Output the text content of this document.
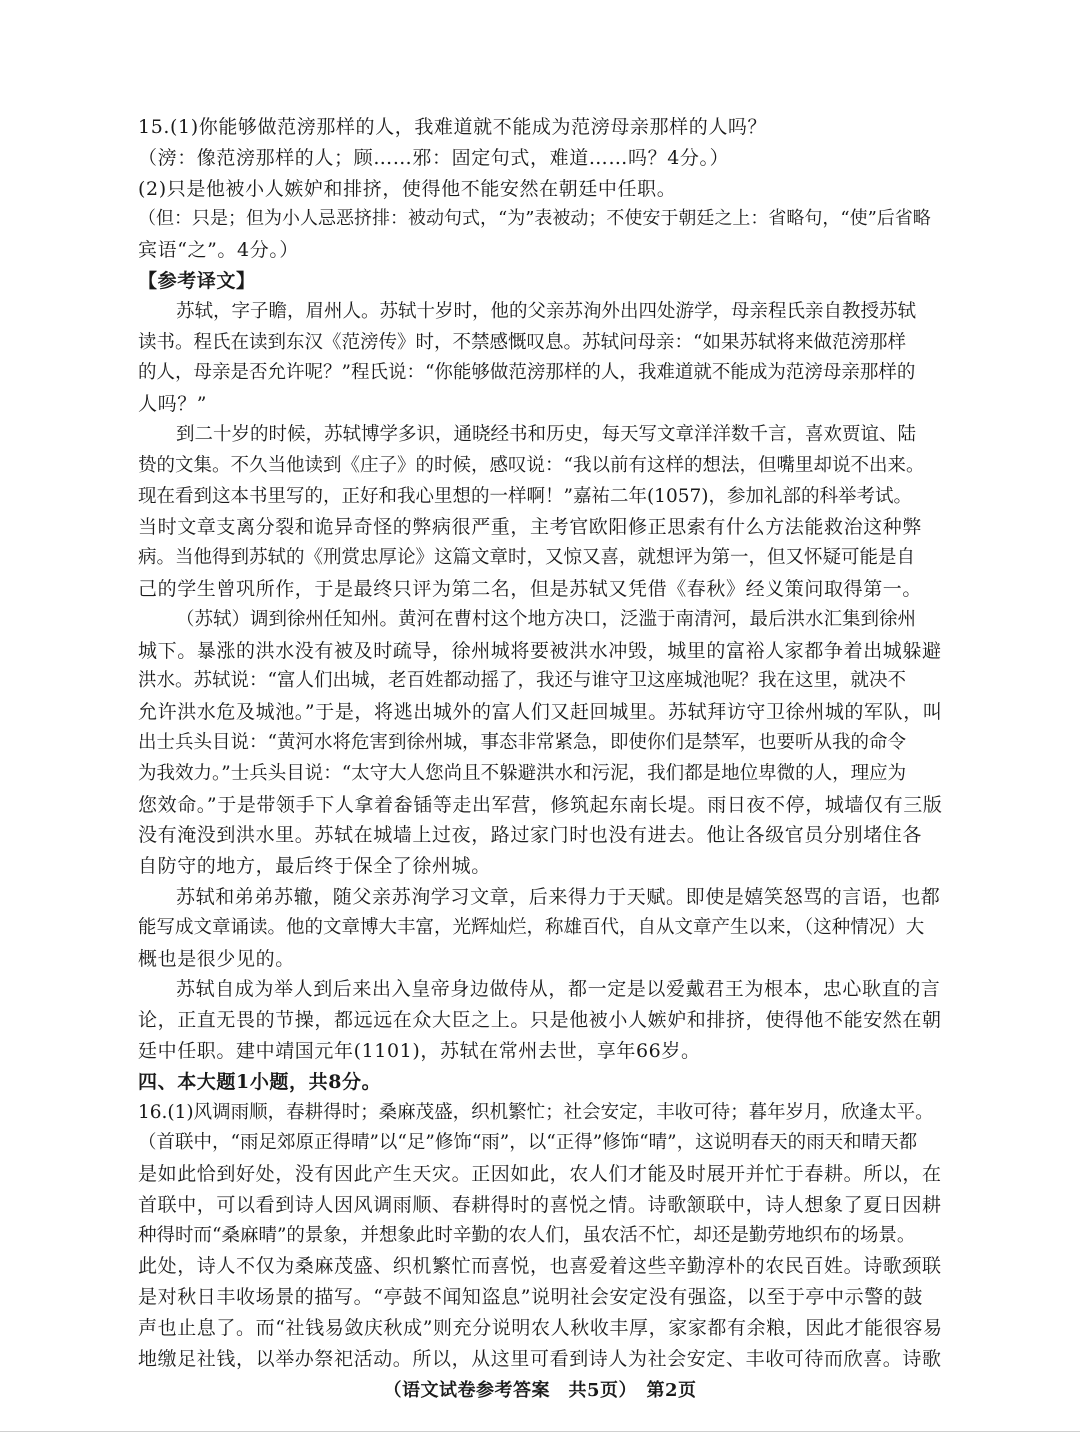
15.(1)你能够做范滂那样的人，我难道就不能成为范滂母亲那样的人吗？
（滂：像范滂那样的人；顾……邪：固定句式，难道……吗？4分。）
(2)只是他被小人嫉妒和排挤，使得他不能安然在朝廷中任职。
（但：只是；但为小人忌恶挤排：被动句式，“为”表被动；不使安于朝廷之上：省略句，“使”后省略
宾语“之”。4分。）
【参考译文】
苏轼，字子瞻，眉州人。苏轼十岁时，他的父亲苏洵外出四处游学，母亲程氏亲自教授苏轼
读书。程氏在读到东汉《范滂传》时，不禁感慨叹息。苏轼问母亲：“如果苏轼将来做范滂那样
的人，母亲是否允许呢？”程氏说：“你能够做范滂那样的人，我难道就不能成为范滂母亲那样的
人吗？”
到二十岁的时候，苏轼博学多识，通晓经书和历史，每天写文章洋洋数千言，喜欢贾谊、陆
贽的文集。不久当他读到《庄子》的时候，感叹说：“我以前有这样的想法，但嘴里却说不出来。
现在看到这本书里写的，正好和我心里想的一样啊！”嘉祐二年(1057)，参加礼部的科举考试。
当时文章支离分裂和诡异奇怪的弊病很严重，主考官欧阳修正思索有什么方法能救治这种弊
病。当他得到苏轼的《刑赏忠厚论》这篇文章时，又惊又喜，就想评为第一，但又怀疑可能是自
己的学生曾巩所作，于是最终只评为第二名，但是苏轼又凭借《春秋》经义策问取得第一。
（苏轼）调到徐州任知州。黄河在曹村这个地方决口，泛滥于南清河，最后洪水汇集到徐州
城下。暴涨的洪水没有被及时疏导，徐州城将要被洪水冲毁，城里的富裕人家都争着出城躲避
洪水。苏轼说：“富人们出城，老百姓都动摇了，我还与谁守卫这座城池呢？我在这里，就决不
允许洪水危及城池。”于是，将逃出城外的富人们又赶回城里。苏轼拜访守卫徐州城的军队，叫
出士兵头目说：“黄河水将危害到徐州城，事态非常紧急，即使你们是禁军，也要听从我的命令
为我效力。”士兵头目说：“太守大人您尚且不躲避洪水和污泥，我们都是地位卑微的人，理应为
您效命。”于是带领手下人拿着畚锸等走出军营，修筑起东南长堤。雨日夜不停，城墙仅有三版
没有淹没到洪水里。苏轼在城墙上过夜，路过家门时也没有进去。他让各级官员分别堵住各
自防守的地方，最后终于保全了徐州城。
苏轼和弟弟苏辙，随父亲苏洵学习文章，后来得力于天赋。即使是嬉笑怒骂的言语，也都
能写成文章诵读。他的文章博大丰富，光辉灿烂，称雄百代，自从文章产生以来，（这种情况）大
概也是很少见的。
苏轼自成为举人到后来出入皇帝身边做侍从，都一定是以爱戴君王为根本，忠心耿直的言
论，正直无畏的节操，都远远在众大臣之上。只是他被小人嫉妒和排挤，使得他不能安然在朝
廷中任职。建中靖国元年(1101)，苏轼在常州去世，享年66岁。
四、本大题1小题，共8分。
16.(1)风调雨顺，春耕得时；桑麻茂盛，织机繁忙；社会安定，丰收可待；暮年岁月，欣逢太平。
（首联中，“雨足郊原正得晴”以“足”修饰“雨”，以“正得”修饰“晴”，这说明春天的雨天和晴天都
是如此恰到好处，没有因此产生天灾。正因如此，农人们才能及时展开并忙于春耕。所以，在
首联中，可以看到诗人因风调雨顺、春耕得时的喜悦之情。诗歌颔联中，诗人想象了夏日因耕
种得时而“桑麻晴”的景象，并想象此时辛勤的农人们，虽农活不忙，却还是勤劳地织布的场景。
此处，诗人不仅为桑麻茂盛、织机繁忙而喜悦，也喜爱着这些辛勤淳朴的农民百姓。诗歌颈联
是对秋日丰收场景的描写。“亭鼓不闻知盗息”说明社会安定没有强盗，以至于亭中示警的鼓
声也止息了。而“社钱易敛庆秋成”则充分说明农人秋收丰厚，家家都有余粮，因此才能很容易
地缴足社钱，以举办祭祀活动。所以，从这里可看到诗人为社会安定、丰收可待而欣喜。诗歌
（语文试卷参考答案　共5页）　第2页
